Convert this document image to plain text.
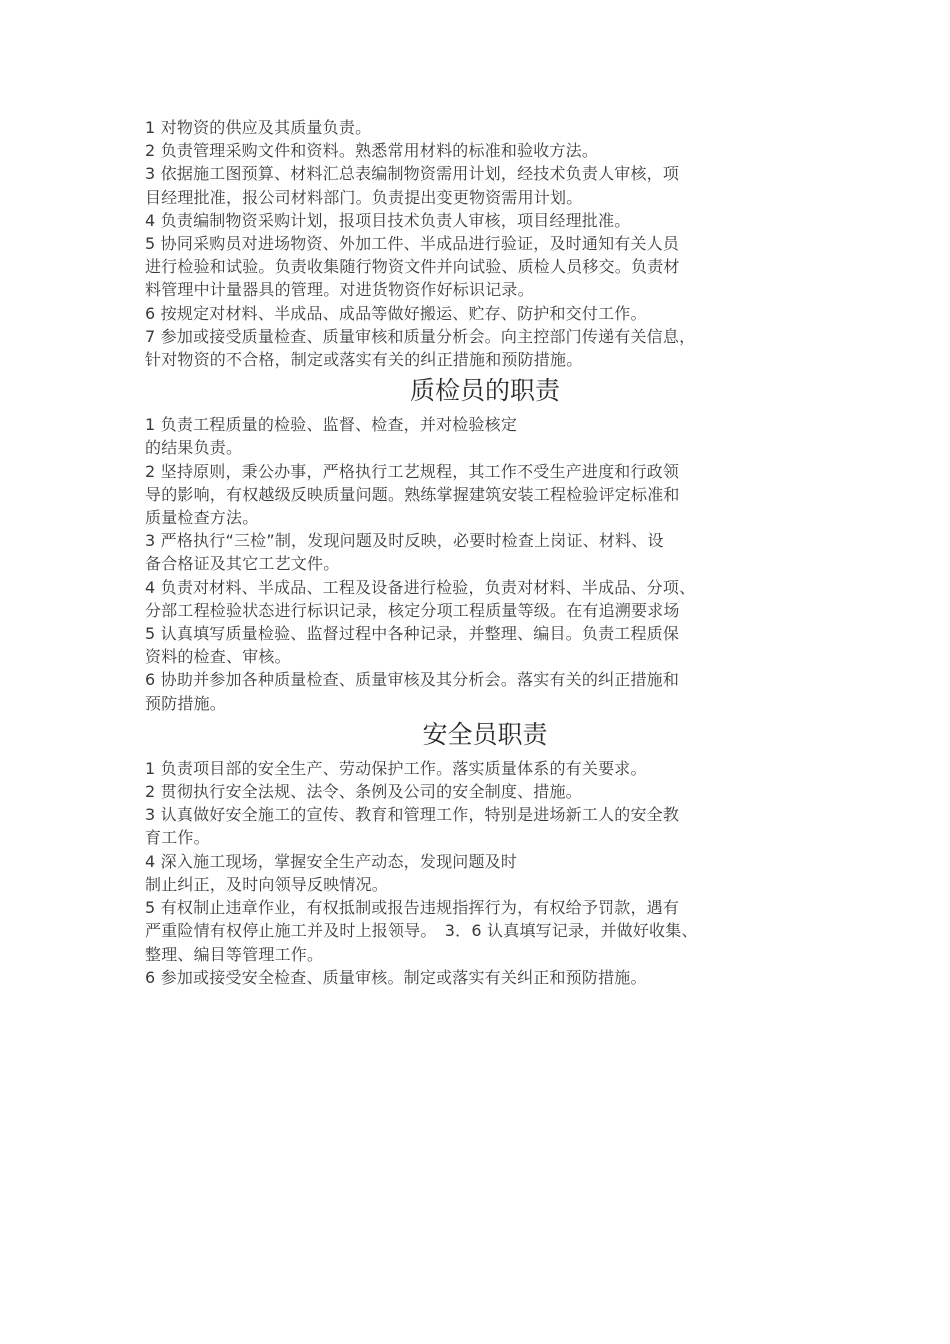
1 对物资的供应及其质量负责。
2 负责管理采购文件和资料。熟悉常用材料的标准和验收方法。
3 依据施工图预算、材料汇总表编制物资需用计划，经技术负责人审核，项
目经理批准，报公司材料部门。负责提出变更物资需用计划。
4 负责编制物资采购计划，报项目技术负责人审核，项目经理批准。
5 协同采购员对进场物资、外加工件、半成品进行验证，及时通知有关人员
进行检验和试验。负责收集随行物资文件并向试验、质检人员移交。负责材
料管理中计量器具的管理。对进货物资作好标识记录。
6 按规定对材料、半成品、成品等做好搬运、贮存、防护和交付工作。
7 参加或接受质量检查、质量审核和质量分析会。向主控部门传递有关信息，
针对物资的不合格，制定或落实有关的纠正措施和预防措施。
质检员的职责
1 负责工程质量的检验、监督、检查，并对检验核定
的结果负责。
2 坚持原则，秉公办事，严格执行工艺规程，其工作不受生产进度和行政领
导的影响，有权越级反映质量问题。熟练掌握建筑安装工程检验评定标准和
质量检查方法。
3 严格执行“三检”制，发现问题及时反映，必要时检查上岗证、材料、设
备合格证及其它工艺文件。
4 负责对材料、半成品、工程及设备进行检验，负责对材料、半成品、分项、
分部工程检验状态进行标识记录，核定分项工程质量等级。在有追溯要求场
5 认真填写质量检验、监督过程中各种记录，并整理、编目。负责工程质保
资料的检查、审核。
6 协助并参加各种质量检查、质量审核及其分析会。落实有关的纠正措施和
预防措施。
安全员职责
1 负责项目部的安全生产、劳动保护工作。落实质量体系的有关要求。
2 贯彻执行安全法规、法令、条例及公司的安全制度、措施。
3 认真做好安全施工的宣传、教育和管理工作，特别是进场新工人的安全教
育工作。
4 深入施工现场，掌握安全生产动态，发现问题及时
制止纠正，及时向领导反映情况。
5 有权制止违章作业，有权抵制或报告违规指挥行为，有权给予罚款，遇有
严重险情有权停止施工并及时上报领导。　3．6 认真填写记录，并做好收集、
整理、编目等管理工作。
6 参加或接受安全检查、质量审核。制定或落实有关纠正和预防措施。
